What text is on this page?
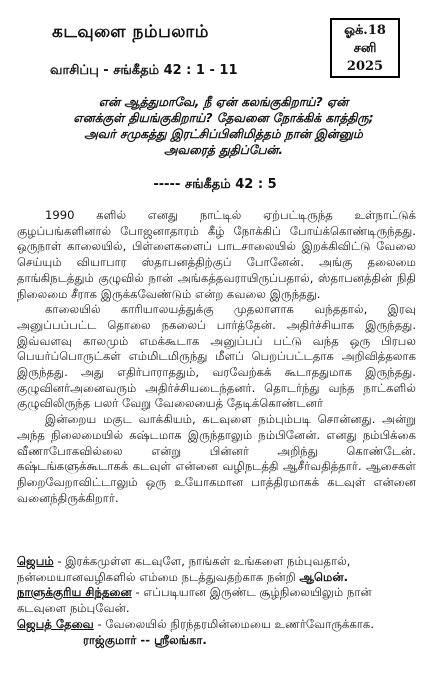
கடவுளை நம்பலாம்	ஓக்.18
சனி
2025
வாசிப்பு - சங்கீதம் 42 : 1 - 11
என் ஆத்துமாவே, நீ ஏன் கலங்குகிறாய்? ஏன்
எனக்குள் தியங்குகிறாய்? தேவனை நோக்கிக் காத்திரு;
அவர் சமுகத்து இரட்சிப்பினிமித்தம் நான் இன்னும்
அவரைத் துதிப்பேன்.
----- சங்கீதம் 42 : 5

1990 களில் எனது நாட்டில் ஏற்பட்டிருந்த உள்நாட்டுக் குழப்பங்களினால் போஜனாதாரம் கீழ் நோக்கிப் போய்க்கொண்டிருந்தது. ஒருநாள் காலையில், பிள்ளைகளைப் பாடசாலையில் இறக்கிவிட்டு வேலை செய்யும் வியாபார ஸ்தாபனத்திற்குப் போனேன். அங்கு தலைமை தாங்கிநடத்தும் குழுவில் நான் அங்கத்தவராயிருப்பதால், ஸ்தாபனத்தின் நிதி நிலைமை சீராக இருக்கவேண்டும் என்ற கவலை இருந்தது.

காலையில் காரியாலயத்துக்கு முதலாளாக வந்ததால், இரவு அனுப்பப்பட்ட தொலை நகலைப் பார்த்தேன். அதிர்ச்சியாக இருந்தது. இவ்வளவு காலமும் எமக்கூடாக அனுப்பப் பட்டு வந்த ஒரு பிரபல பெயர்ப்பொருட்கள் எம்மிடமிருந்து மீளப் பெறப்பட்டதாக அறிவித்தலாக இருந்தது. அது எதிர்பாராததும், வரவேற்கக் கூடாததுமாக இருந்தது. குழுவினர்அனைவரும் அதிர்ச்சியடைந்தனர். தொடர்ந்து வந்த நாட்களில் குழுவிலிருந்த பலர் வேறு வேலையைத் தேடிக்கொண்டனர்

இன்றைய மகுட வாக்கியம், கடவுளை நம்பும்படி சொன்னது. அன்று அந்த நிலைமையில் கஷ்டமாக இருந்தாலும் நம்பினேன். எனது நம்பிக்கை வீணாபோகவில்லை என்று பின்னர் அறிந்து கொண்டேன். கஷ்டங்களுக்கூடாகக் கடவுள் என்னை வழிநடத்தி ஆசீர்வதித்தார். ஆசைகள் நிறைவேறாவிட்டாலும் ஒரு உயோகமான பாத்திரமாகக் கடவுள் என்னை வனைந்திருக்கிறார்.

ஜெபம் - இரக்கமுள்ள கடவுளே, நாங்கள் உங்களை நம்புவதால், நன்மையானவழிகளில் எம்மை நடத்துவதற்காக நன்றி ஆமென்.

நாளுக்குரிய சிந்தனை - எப்படியான இருண்ட சூழ்நிலையிலும் நான் கடவுளை நம்புவேன்.

ஜெபத் தேவை - வேலையில் நிரந்தரமின்மையை உணர்வோருக்காக. ராஜ்குமார் -- ஸ்ரீலங்கா.
